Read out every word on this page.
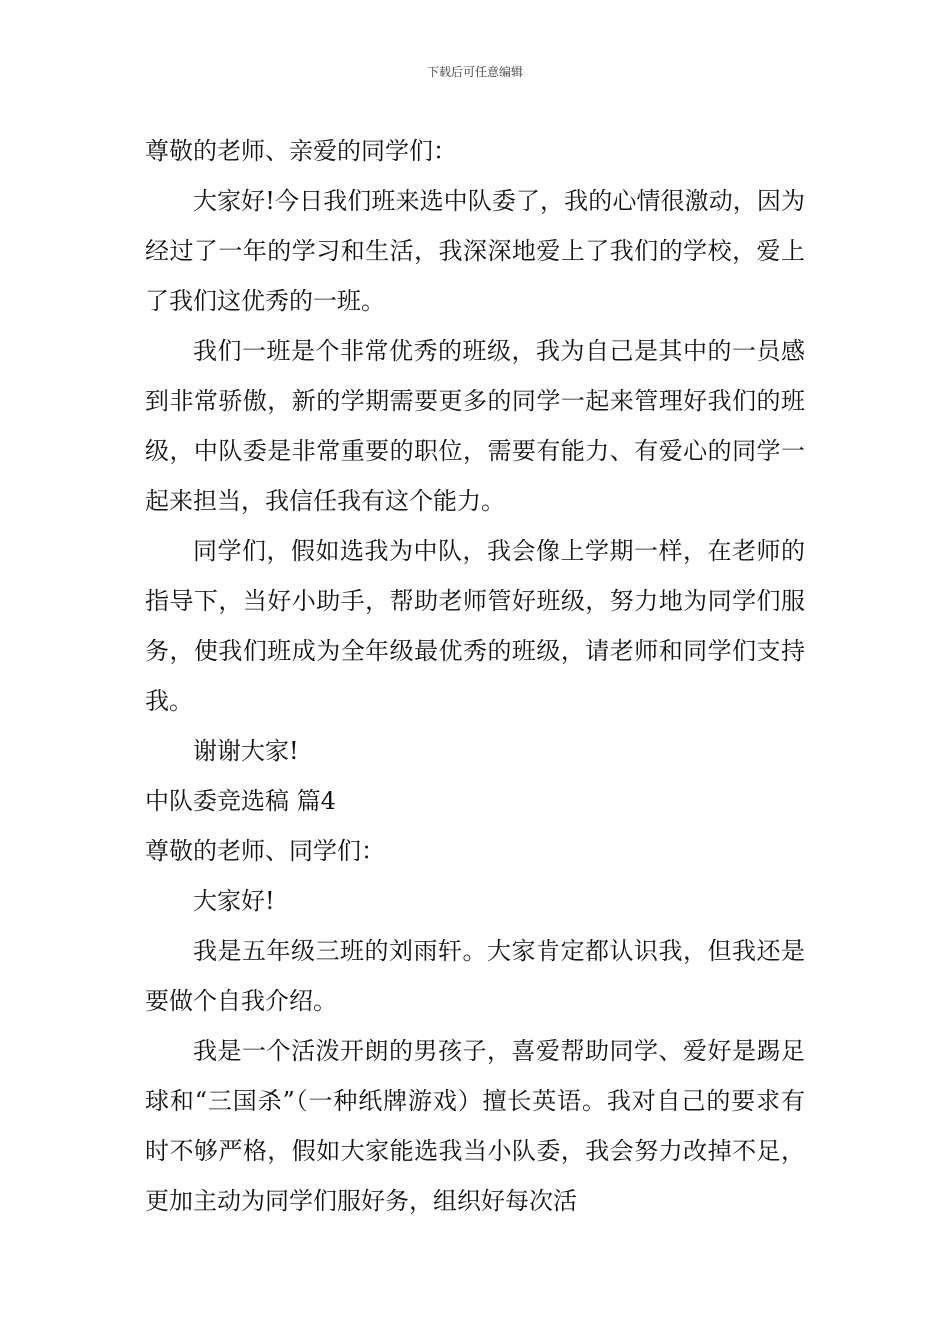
下载后可任意编辑

尊敬的老师、亲爱的同学们：

大家好!今日我们班来选中队委了，我的心情很激动，因为经过了一年的学习和生活，我深深地爱上了我们的学校，爱上了我们这优秀的一班。

我们一班是个非常优秀的班级，我为自己是其中的一员感到非常骄傲，新的学期需要更多的同学一起来管理好我们的班级，中队委是非常重要的职位，需要有能力、有爱心的同学一起来担当，我信任我有这个能力。

同学们，假如选我为中队，我会像上学期一样，在老师的指导下，当好小助手，帮助老师管好班级，努力地为同学们服务，使我们班成为全年级最优秀的班级，请老师和同学们支持我。

谢谢大家!

中队委竞选稿 篇4

尊敬的老师、同学们：

大家好!

我是五年级三班的刘雨轩。大家肯定都认识我，但我还是要做个自我介绍。

我是一个活泼开朗的男孩子，喜爱帮助同学、爱好是踢足球和“三国杀”（一种纸牌游戏）擅长英语。我对自己的要求有时不够严格，假如大家能选我当小队委，我会努力改掉不足，更加主动为同学们服好务，组织好每次活
